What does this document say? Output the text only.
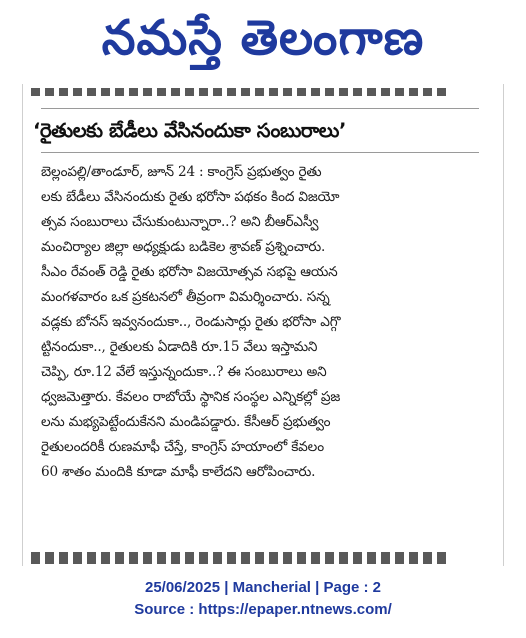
నమస్తే తెలంగాణ
‘రైతులకు బేడీలు వేసినందుకా సంబురాలు’
బెల్లంపల్లి/తాండూర్, జూన్ 24 : కాంగ్రెస్ ప్రభుత్వం రైతు
లకు బేడీలు వేసినందుకు రైతు భరోసా పథకం కింద విజయో
త్సవ సంబురాలు చేసుకుంటున్నారా..? అని బీఆర్ఎస్వీ
మంచిర్యాల జిల్లా అధ్యక్షుడు బడికెల శ్రావణ్ ప్రశ్నించారు.
సీఎం రేవంత్ రెడ్డి రైతు భరోసా విజయోత్సవ సభపై ఆయన
మంగళవారం ఒక ప్రకటనలో తీవ్రంగా విమర్శించారు. సన్న
వడ్లకు బోనస్ ఇవ్వనందుకా.., రెండుసార్లు రైతు భరోసా ఎగ్గొ
ట్టినందుకా.., రైతులకు ఏడాదికి రూ.15 వేలు ఇస్తామని
చెప్పి, రూ.12 వేలే ఇస్తున్నందుకా..? ఈ సంబురాలు అని
ధ్వజమెత్తారు. కేవలం రాబోయే స్థానిక సంస్థల ఎన్నికల్లో ప్రజ
లను మభ్యపెట్టేందుకేనని మండిపడ్డారు. కేసీఆర్ ప్రభుత్వం
రైతులందరికీ రుణమాఫీ చేస్తే, కాంగ్రెస్ హయాంలో కేవలం
60 శాతం మందికి కూడా మాఫీ కాలేదని ఆరోపించారు.
25/06/2025 | Mancherial | Page : 2
Source : https://epaper.ntnews.com/
